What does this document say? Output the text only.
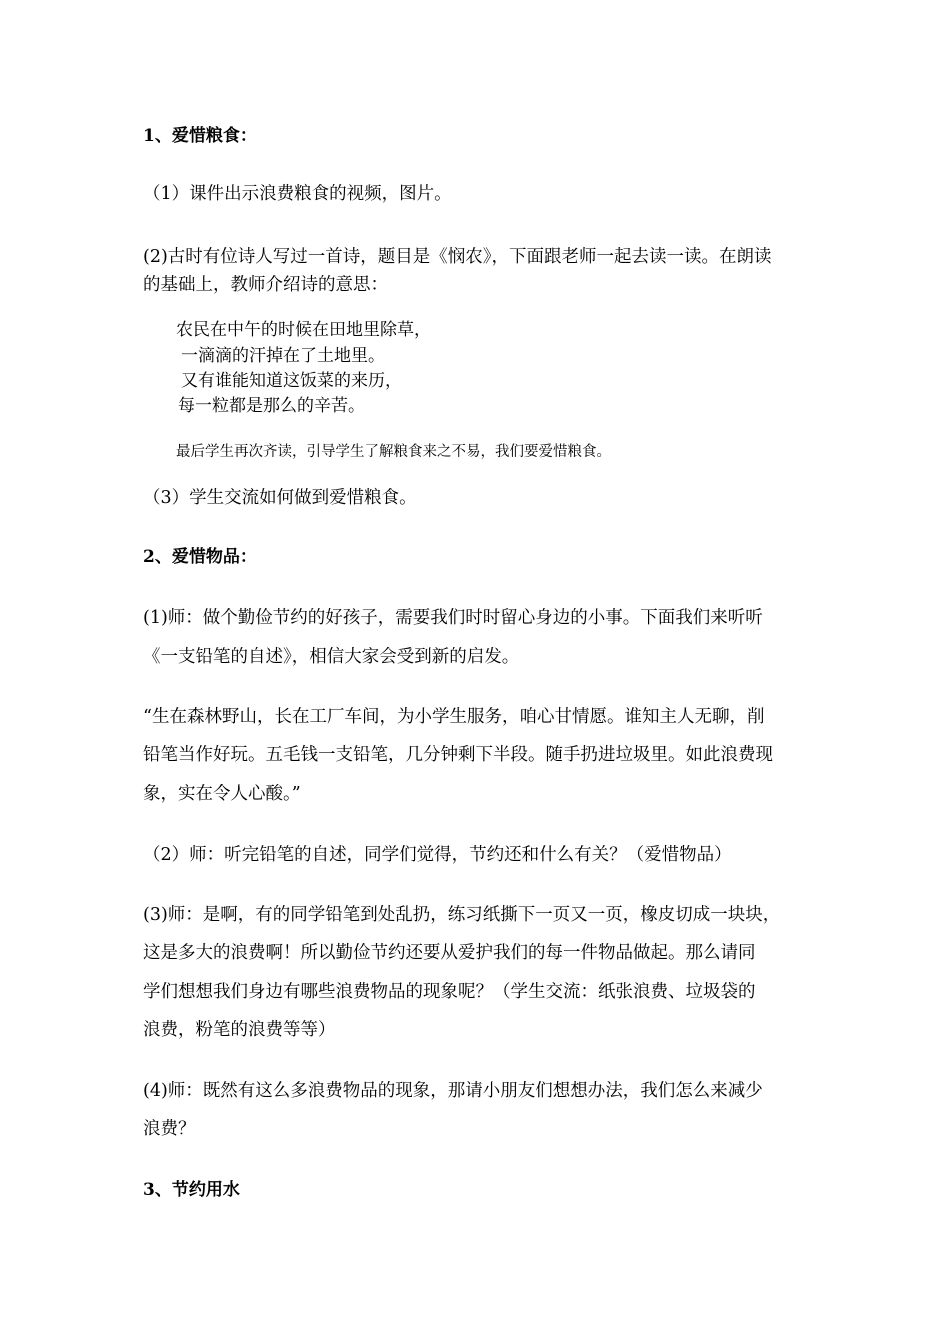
1、爱惜粮食：

（1）课件出示浪费粮食的视频，图片。

(2)古时有位诗人写过一首诗，题目是《悯农》，下面跟老师一起去读一读。在朗读

的基础上，教师介绍诗的意思：

农民在中午的时候在田地里除草，

一滴滴的汗掉在了土地里。

又有谁能知道这饭菜的来历，

每一粒都是那么的辛苦。

最后学生再次齐读，引导学生了解粮食来之不易，我们要爱惜粮食。

（3）学生交流如何做到爱惜粮食。

2、爱惜物品：

(1)师：做个勤俭节约的好孩子，需要我们时时留心身边的小事。下面我们来听听

《一支铅笔的自述》，相信大家会受到新的启发。

“生在森林野山，长在工厂车间，为小学生服务，咱心甘情愿。谁知主人无聊，削

铅笔当作好玩。五毛钱一支铅笔，几分钟剩下半段。随手扔进垃圾里。如此浪费现

象，实在令人心酸。”

（2）师：听完铅笔的自述，同学们觉得，节约还和什么有关？（爱惜物品）

(3)师：是啊，有的同学铅笔到处乱扔，练习纸撕下一页又一页，橡皮切成一块块，

这是多大的浪费啊！所以勤俭节约还要从爱护我们的每一件物品做起。那么请同

学们想想我们身边有哪些浪费物品的现象呢？（学生交流：纸张浪费、垃圾袋的

浪费，粉笔的浪费等等）

(4)师：既然有这么多浪费物品的现象，那请小朋友们想想办法，我们怎么来减少

浪费？

3、节约用水
